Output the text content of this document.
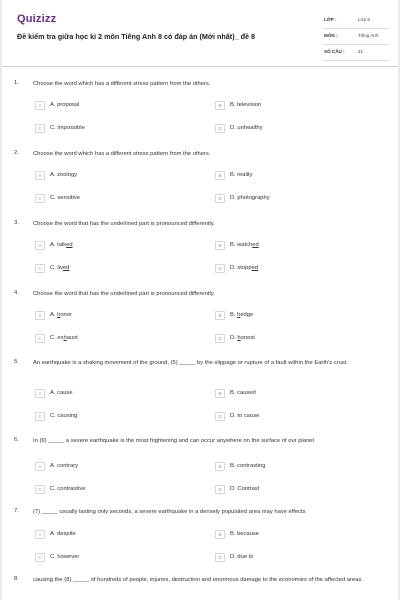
Quizizz
Đề kiểm tra giữa học kì 2 môn Tiếng Anh 8 có đáp án (Mới nhất)_ đề 8
LỚP :	Lớp 8
MÔN :	Tiếng Anh
SỐ CÂU :	21
1. Choose the word which has a different stress pattern from the others.
A	A. proposal	B	B. television
C	C. impossible	D	D. unhealthy
2. Choose the word which has a different stress pattern from the others.
A	A. zoology	B	B. reality
C	C. sensitive	D	D. photography
3. Choose the word that has the underlined part is pronounced differently.
A	A. talked	B	B. watched
C	C. lived	D	D. stopped
4. Choose the word that has the underlined part is pronounced differently.
A	A. honor	B	B. hedge
C	C. exhaust	D	D. honest
5. An earthquake is a shaking movement of the ground, (5) _____ by the slippage or rupture of a fault within the Earth's crust.
A	A. cause	B	B. caused
C	C. causing	D	D. to cause
6. In (6) _____ a severe earthquake is the most frightening and can occur anywhere on the surface of our planet
A	A. contrary	B	B. contrasting
C	C. contrastive	D	D. Contrast
7. (7) _____ usually lasting only seconds, a severe earthquake in a densely populated area may have effects
A	A. despite	B	B. because
C	C. however	D	D. due to
8. causing the (8) _____ of hundreds of people, injuries, destruction and enormous damage to the economies of the affected areas.
